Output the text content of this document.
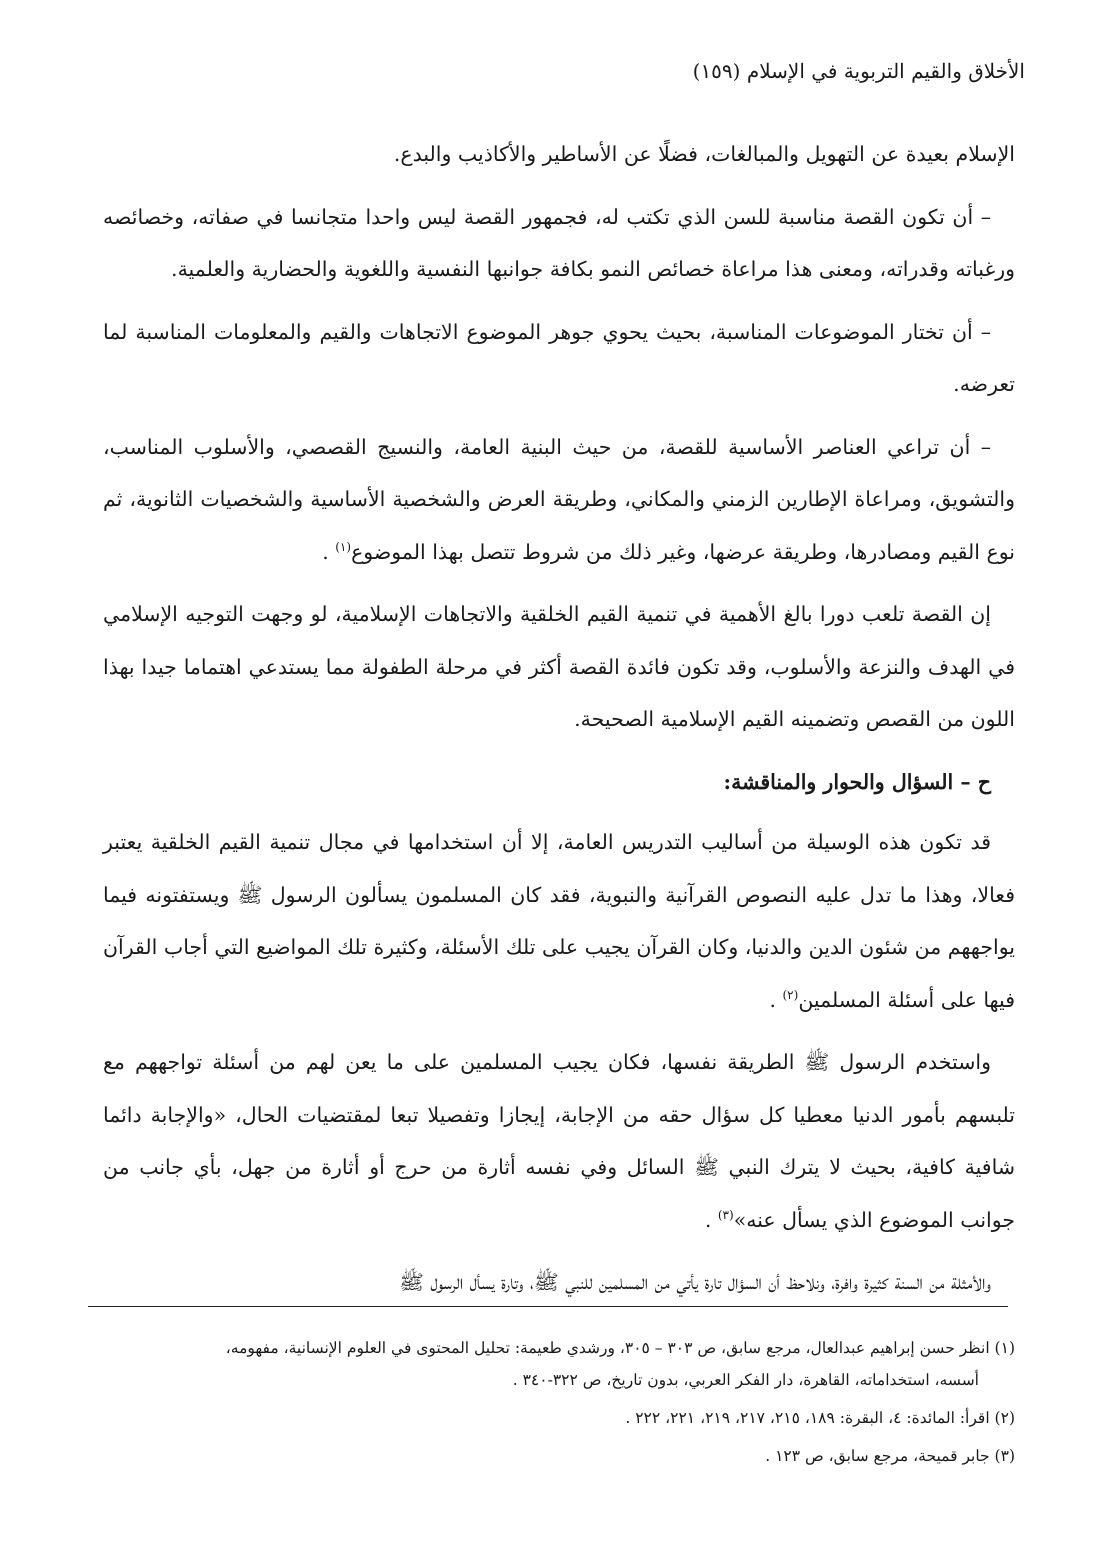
الأخلاق والقيم التربوية في الإسلام (١٥٩)

الإسلام بعيدة عن التهويل والمبالغات، فضلًا عن الأساطير والأكاذيب والبدع.

– أن تكون القصة مناسبة للسن الذي تكتب له، فجمهور القصة ليس واحدا متجانسا في صفاته، وخصائصه ورغباته وقدراته، ومعنى هذا مراعاة خصائص النمو بكافة جوانبها النفسية واللغوية والحضارية والعلمية.

– أن تختار الموضوعات المناسبة، بحيث يحوي جوهر الموضوع الاتجاهات والقيم والمعلومات المناسبة لما تعرضه.

– أن تراعي العناصر الأساسية للقصة، من حيث البنية العامة، والنسيج القصصي، والأسلوب المناسب، والتشويق، ومراعاة الإطارين الزمني والمكاني، وطريقة العرض والشخصية الأساسية والشخصيات الثانوية، ثم نوع القيم ومصادرها، وطريقة عرضها، وغير ذلك من شروط تتصل بهذا الموضوع$^{(١)}$ .

إن القصة تلعب دورا بالغ الأهمية في تنمية القيم الخلقية والاتجاهات الإسلامية، لو وجهت التوجيه الإسلامي في الهدف والنزعة والأسلوب، وقد تكون فائدة القصة أكثر في مرحلة الطفولة مما يستدعي اهتماما جيدا بهذا اللون من القصص وتضمينه القيم الإسلامية الصحيحة.

ح – السؤال والحوار والمناقشة:

قد تكون هذه الوسيلة من أساليب التدريس العامة، إلا أن استخدامها في مجال تنمية القيم الخلقية يعتبر فعالا، وهذا ما تدل عليه النصوص القرآنية والنبوية، فقد كان المسلمون يسألون الرسول ﷺ ويستفتونه فيما يواجههم من شئون الدين والدنيا، وكان القرآن يجيب على تلك الأسئلة، وكثيرة تلك المواضيع التي أجاب القرآن فيها على أسئلة المسلمين$^{(٢)}$ .

واستخدم الرسول ﷺ الطريقة نفسها، فكان يجيب المسلمين على ما يعن لهم من أسئلة تواجههم مع تلبسهم بأمور الدنيا معطيا كل سؤال حقه من الإجابة، إيجازا وتفصيلا تبعا لمقتضيات الحال، «والإجابة دائما شافية كافية، بحيث لا يترك النبي ﷺ السائل وفي نفسه أثارة من حرج أو أثارة من جهل، بأي جانب من جوانب الموضوع الذي يسأل عنه»$^{(٣)}$ .

والأمثلة من السنة كثيرة وافرة، ونلاحظ أن السؤال تارة يأتي من المسلمين للنبي ﷺ، وتارة يسأل الرسول ﷺ

(١) انظر حسن إبراهيم عبدالعال، مرجع سابق، ص ٣٠٣ – ٣٠٥، ورشدي طعيمة: تحليل المحتوى في العلوم الإنسانية، مفهومه،
أسسه، استخداماته، القاهرة، دار الفكر العربي، بدون تاريخ، ص ٣٢٢-٣٤٠ .
(٢) اقرأ: المائدة: ٤، البقرة: ١٨٩، ٢١٥، ٢١٧، ٢١٩، ٢٢١، ٢٢٢ .
(٣) جابر قميحة، مرجع سابق، ص ١٢٣ .
